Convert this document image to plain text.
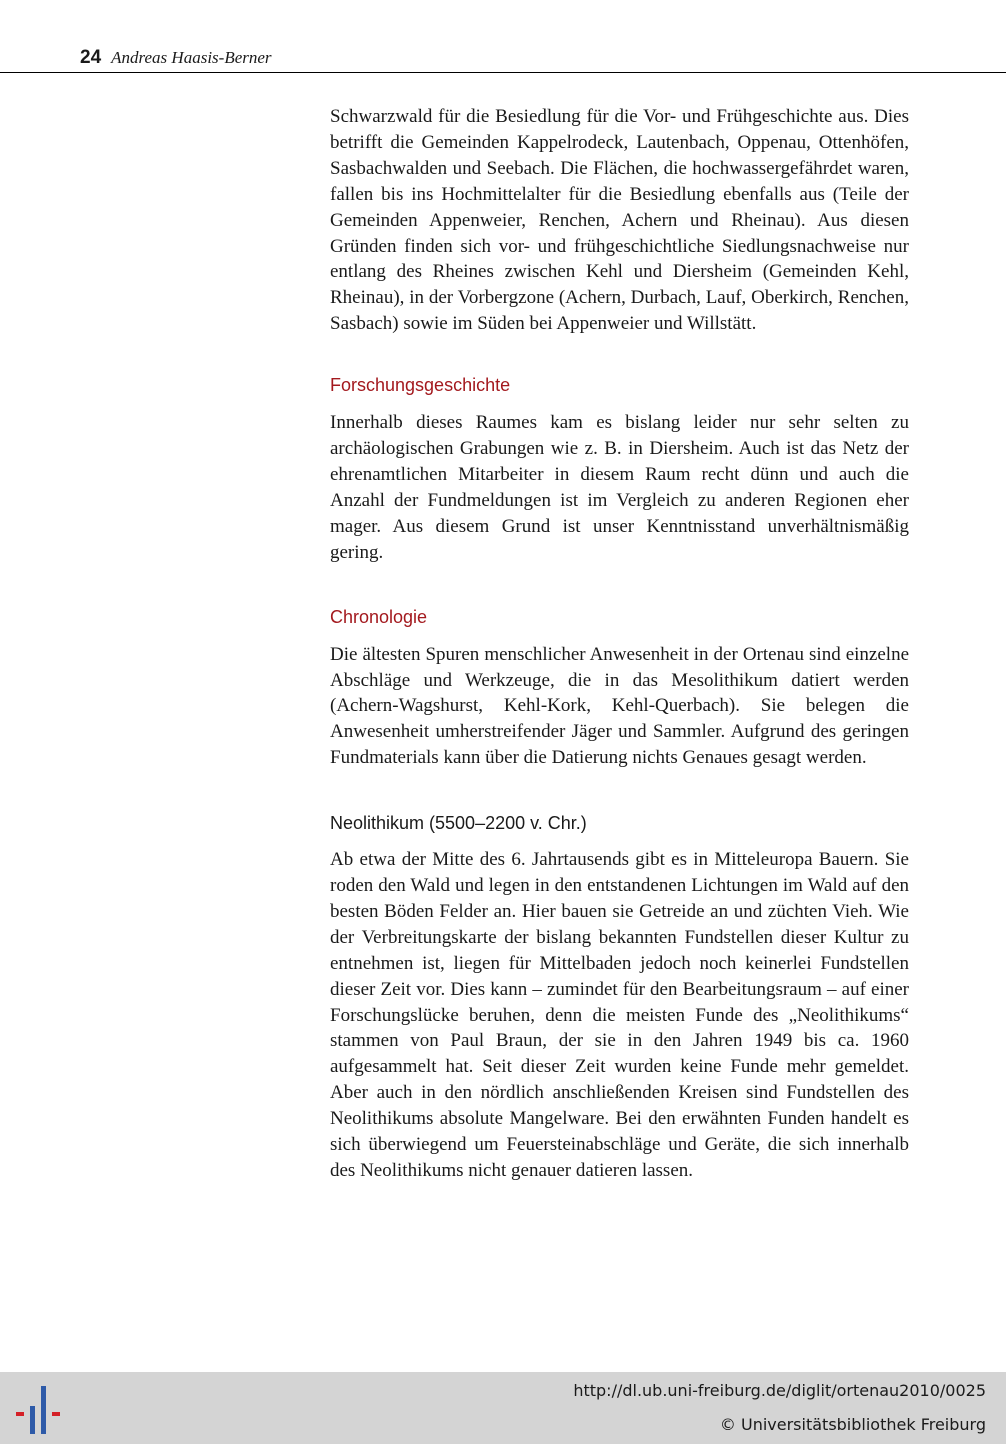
24 Andreas Haasis-Berner

Schwarzwald für die Besiedlung für die Vor- und Frühgeschichte aus. Dies betrifft die Gemeinden Kappelrodeck, Lautenbach, Oppenau, Ottenhöfen, Sasbachwalden und Seebach. Die Flächen, die hochwassergefährdet waren, fallen bis ins Hochmittelalter für die Besiedlung ebenfalls aus (Teile der Gemeinden Appenweier, Renchen, Achern und Rheinau). Aus diesen Gründen finden sich vor- und frühgeschichtliche Siedlungsnachweise nur entlang des Rheines zwischen Kehl und Diersheim (Gemeinden Kehl, Rheinau), in der Vorbergzone (Achern, Durbach, Lauf, Oberkirch, Renchen, Sasbach) sowie im Süden bei Appenweier und Willstätt.

Forschungsgeschichte

Innerhalb dieses Raumes kam es bislang leider nur sehr selten zu archäologischen Grabungen wie z. B. in Diersheim. Auch ist das Netz der ehrenamtlichen Mitarbeiter in diesem Raum recht dünn und auch die Anzahl der Fundmeldungen ist im Vergleich zu anderen Regionen eher mager. Aus diesem Grund ist unser Kenntnisstand unverhältnismäßig gering.

Chronologie

Die ältesten Spuren menschlicher Anwesenheit in der Ortenau sind einzelne Abschläge und Werkzeuge, die in das Mesolithikum datiert werden (Achern-Wagshurst, Kehl-Kork, Kehl-Querbach). Sie belegen die Anwesenheit umherstreifender Jäger und Sammler. Aufgrund des geringen Fundmaterials kann über die Datierung nichts Genaues gesagt werden.

Neolithikum (5500–2200 v. Chr.)

Ab etwa der Mitte des 6. Jahrtausends gibt es in Mitteleuropa Bauern. Sie roden den Wald und legen in den entstandenen Lichtungen im Wald auf den besten Böden Felder an. Hier bauen sie Getreide an und züchten Vieh. Wie der Verbreitungskarte der bislang bekannten Fundstellen dieser Kultur zu entnehmen ist, liegen für Mittelbaden jedoch noch keinerlei Fundstellen dieser Zeit vor. Dies kann – zumindet für den Bearbeitungsraum – auf einer Forschungslücke beruhen, denn die meisten Funde des „Neolithikums“ stammen von Paul Braun, der sie in den Jahren 1949 bis ca. 1960 aufgesammelt hat. Seit dieser Zeit wurden keine Funde mehr gemeldet. Aber auch in den nördlich anschließenden Kreisen sind Fundstellen des Neolithikums absolute Mangelware. Bei den erwähnten Funden handelt es sich überwiegend um Feuersteinabschläge und Geräte, die sich innerhalb des Neolithikums nicht genauer datieren lassen.

http://dl.ub.uni-freiburg.de/diglit/ortenau2010/0025
© Universitätsbibliothek Freiburg
